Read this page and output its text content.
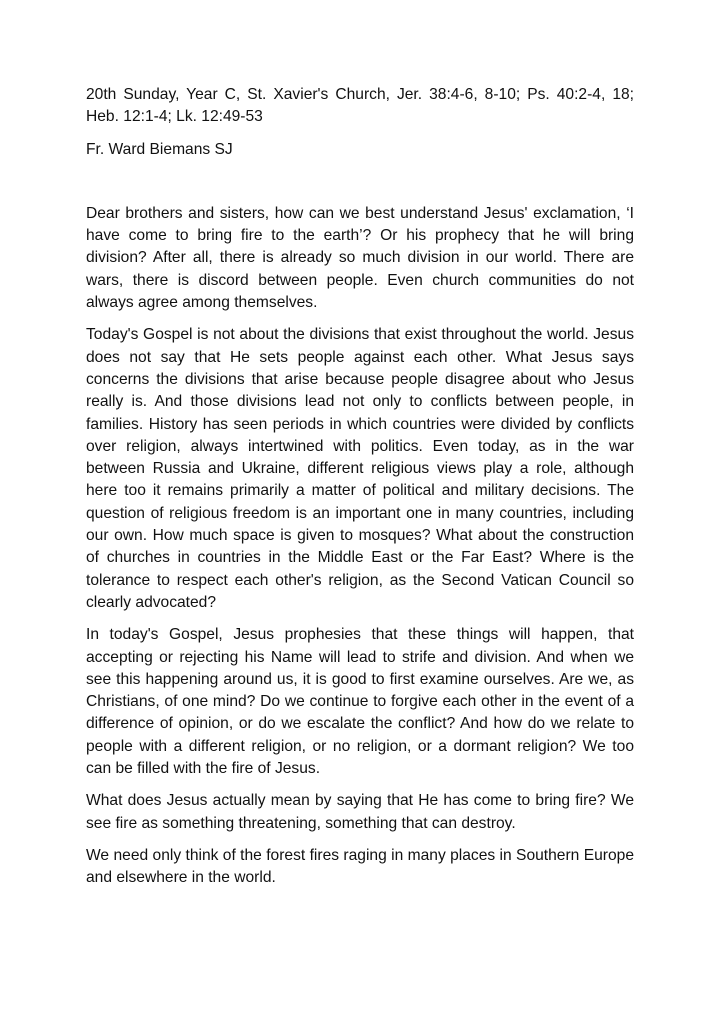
20th Sunday, Year C, St. Xavier's Church, Jer. 38:4-6, 8-10; Ps. 40:2-4, 18; Heb. 12:1-4; Lk. 12:49-53

Fr. Ward Biemans SJ

Dear brothers and sisters, how can we best understand Jesus' exclamation, ‘I have come to bring fire to the earth’? Or his prophecy that he will bring division? After all, there is already so much division in our world. There are wars, there is discord between people. Even church communities do not always agree among themselves.

Today's Gospel is not about the divisions that exist throughout the world. Jesus does not say that He sets people against each other. What Jesus says concerns the divisions that arise because people disagree about who Jesus really is. And those divisions lead not only to conflicts between people, in families. History has seen periods in which countries were divided by conflicts over religion, always intertwined with politics. Even today, as in the war between Russia and Ukraine, different religious views play a role, although here too it remains primarily a matter of political and military decisions. The question of religious freedom is an important one in many countries, including our own. How much space is given to mosques? What about the construction of churches in countries in the Middle East or the Far East? Where is the tolerance to respect each other's religion, as the Second Vatican Council so clearly advocated?

In today's Gospel, Jesus prophesies that these things will happen, that accepting or rejecting his Name will lead to strife and division. And when we see this happening around us, it is good to first examine ourselves. Are we, as Christians, of one mind? Do we continue to forgive each other in the event of a difference of opinion, or do we escalate the conflict? And how do we relate to people with a different religion, or no religion, or a dormant religion? We too can be filled with the fire of Jesus.

What does Jesus actually mean by saying that He has come to bring fire? We see fire as something threatening, something that can destroy.

We need only think of the forest fires raging in many places in Southern Europe and elsewhere in the world.
